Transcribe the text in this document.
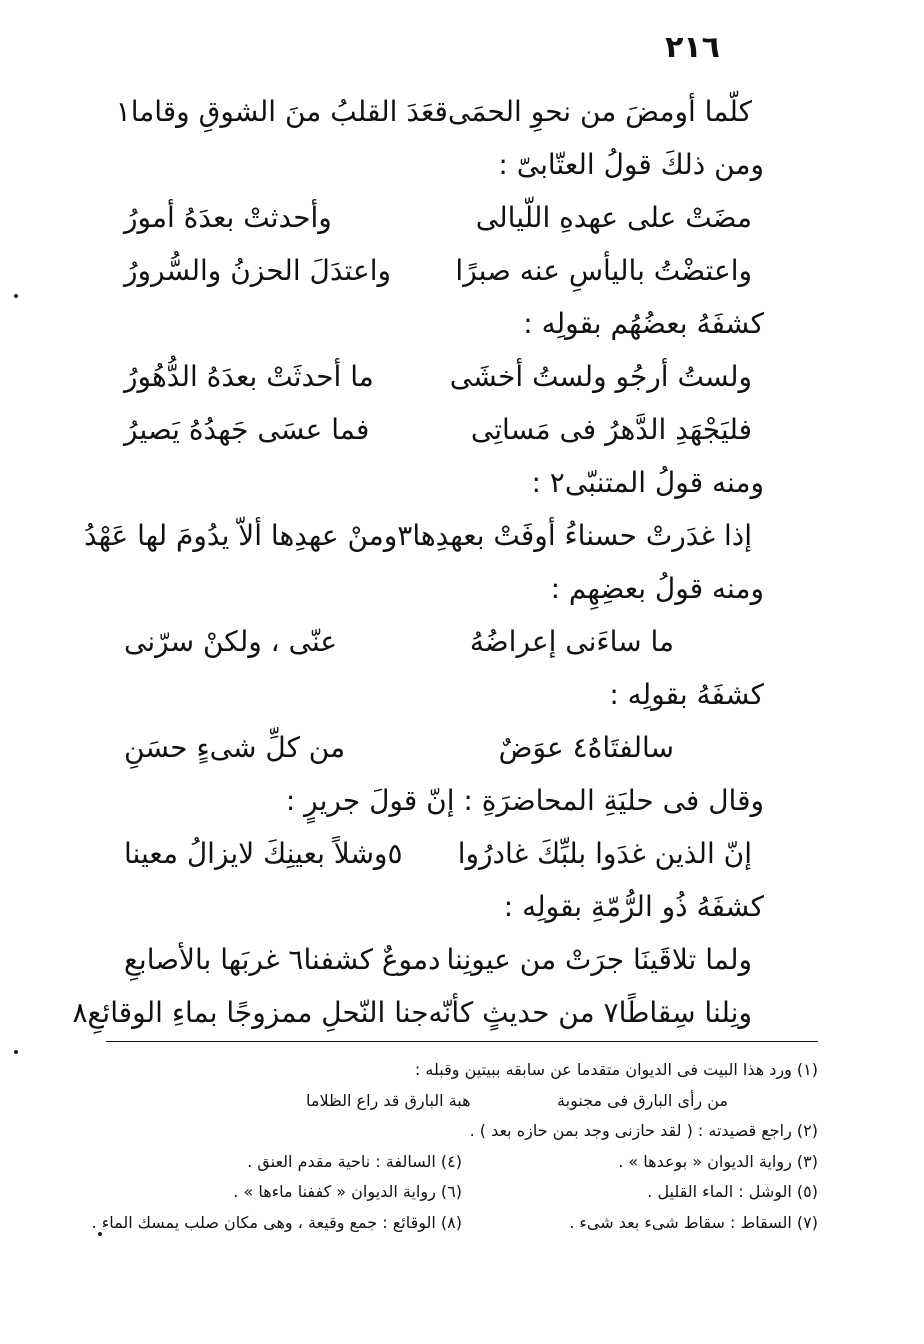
٢١٦
كلّما أومضَ من نحوِ الحمَى
قعَدَ القلبُ منَ الشوقِ وقاما١
ومن ذلكَ قولُ العتّابىّ :
مضَتْ على عهدهِ اللّيالى
وأحدثتْ بعدَهُ أمورُ
واعتضْتُ باليأسِ عنه صبرًا
واعتدَلَ الحزنُ والسُّرورُ
كشفَهُ بعضُهُم بقولِه :
ولستُ أرجُو ولستُ أخشَى
ما أحدثَتْ بعدَهُ الدُّهُورُ
فليَجْهَدِ الدَّهرُ فى مَساتِى
فما عسَى جَهدُهُ يَصيرُ
ومنه قولُ المتنبّى٢ :
إذا غدَرتْ حسناءُ أوفَتْ بعهدِها٣
ومنْ عهدِها ألاّ يدُومَ لها عَهْدُ
ومنه قولُ بعضِهِم :
ما ساءَنى إعراضُهُ
عنّى ، ولكنْ سرّنى
كشفَهُ بقولِه :
سالفتَاهُ٤ عوَضٌ
من كلِّ شىءٍ حسَنِ
وقال فى حليَةِ المحاضرَةِ : إنّ قولَ جريرٍ :
إنّ الذين غدَوا بلبِّكَ غادرُوا
٥وشلاً بعينِكَ لايزالُ معينا
كشفَهُ ذُو الرُّمّةِ بقولِه :
ولما تلاقَينَا جرَتْ من عيونِنا
دموعٌ كشفنا٦ غربَها بالأصابعِ
ونِلنا سِقاطًا٧ من حديثٍ كأنّه
جنا النّحلِ ممزوجًا بماءِ الوقائعِ٨
(١) ورد هذا البيت فى الديوان متقدما عن سابقه ببيتين وقبله :
من رأى البارق فى مجنوبة
هبة البارق قد راع الظلاما
(٢) راجع قصيدته : ( لقد حازنى وجد بمن حازه بعد ) .
(٣) رواية الديوان « بوعدها » .
(٤) السالفة : ناحية مقدم العنق .
(٥) الوشل : الماء القليل .
(٦) رواية الديوان « كففنا ماءها » .
(٧) السقاط : سقاط شىء بعد شىء .
(٨) الوقائع : جمع وقيعة ، وهى مكان صلب يمسك الماء .
